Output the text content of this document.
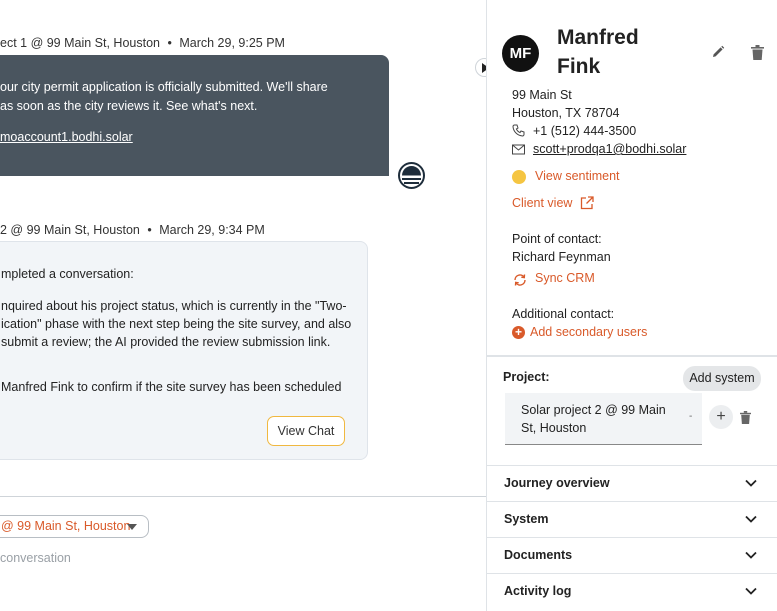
ect 1 @ 99 Main St, Houston • March 29, 9:25 PM
our city permit application is officially submitted. We'll share
as soon as the city reviews it. See what's next.
moaccount1.bodhi.solar
2 @ 99 Main St, Houston • March 29, 9:34 PM
mpleted a conversation:
nquired about his project status, which is currently in the "Two-
ication" phase with the next step being the site survey, and also
submit a review; the AI provided the review submission link.
Manfred Fink to confirm if the site survey has been scheduled
View Chat
@ 99 Main St, Houston
conversation
MF
Manfred Fink
99 Main St
Houston, TX 78704
+1 (512) 444-3500
scott+prodqa1@bodhi.solar
View sentiment
Client view
Point of contact:
Richard Feynman
Sync CRM
Additional contact:
+ Add secondary users
Project:	Add system
Solar project 2 @ 99 Main St, Houston
-	+
Journey overview
System
Documents
Activity log
